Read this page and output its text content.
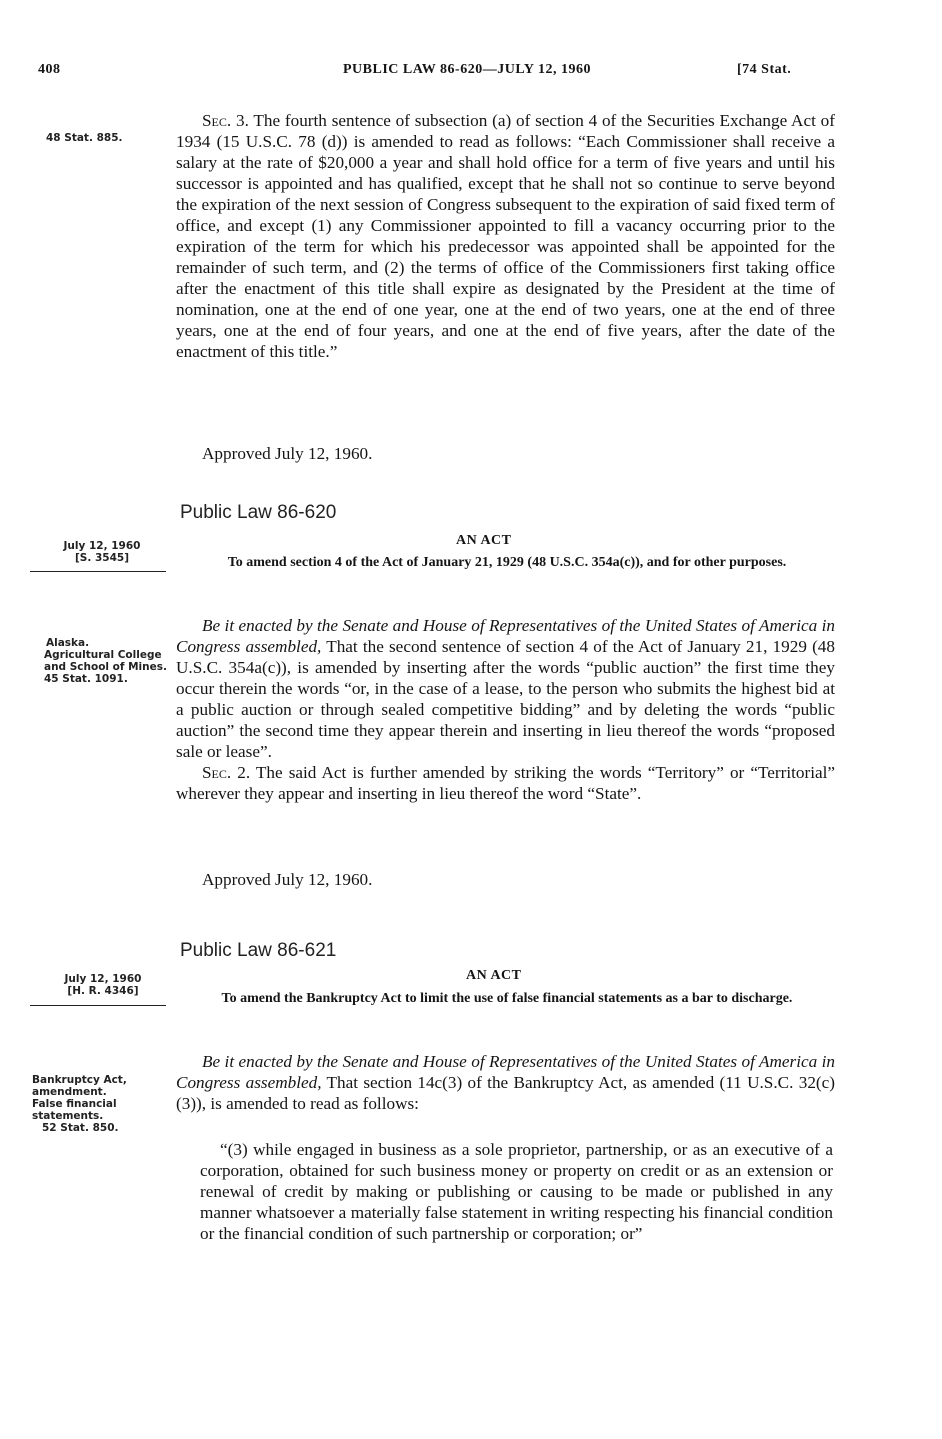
408	PUBLIC LAW 86-620—JULY 12, 1960	[74 Stat.
48 Stat. 885.

Sec. 3. The fourth sentence of subsection (a) of section 4 of the Securities Exchange Act of 1934 (15 U.S.C. 78 (d)) is amended to read as follows: “Each Commissioner shall receive a salary at the rate of $20,000 a year and shall hold office for a term of five years and until his successor is appointed and has qualified, except that he shall not so continue to serve beyond the expiration of the next session of Congress subsequent to the expiration of said fixed term of office, and except (1) any Commissioner appointed to fill a vacancy occurring prior to the expiration of the term for which his predecessor was appointed shall be appointed for the remainder of such term, and (2) the terms of office of the Commissioners first taking office after the enactment of this title shall expire as designated by the President at the time of nomination, one at the end of one year, one at the end of two years, one at the end of three years, one at the end of four years, and one at the end of five years, after the date of the enactment of this title.”

Approved July 12, 1960.
Public Law 86-620
July 12, 1960
[S. 3545]
AN ACT
To amend section 4 of the Act of January 21, 1929 (48 U.S.C. 354a(c)), and for other purposes.
Alaska.
Agricultural College and School of Mines.
45 Stat. 1091.

Be it enacted by the Senate and House of Representatives of the United States of America in Congress assembled, That the second sentence of section 4 of the Act of January 21, 1929 (48 U.S.C. 354a(c)), is amended by inserting after the words “public auction” the first time they occur therein the words “or, in the case of a lease, to the person who submits the highest bid at a public auction or through sealed competitive bidding” and by deleting the words “public auction” the second time they appear therein and inserting in lieu thereof the words “proposed sale or lease”.

Sec. 2. The said Act is further amended by striking the words “Territory” or “Territorial” wherever they appear and inserting in lieu thereof the word “State”.

Approved July 12, 1960.
Public Law 86-621
July 12, 1960
[H. R. 4346]
AN ACT
To amend the Bankruptcy Act to limit the use of false financial statements as a bar to discharge.
Bankruptcy Act, amendment.
False financial statements.
52 Stat. 850.

Be it enacted by the Senate and House of Representatives of the United States of America in Congress assembled, That section 14c(3) of the Bankruptcy Act, as amended (11 U.S.C. 32(c)(3)), is amended to read as follows:

“(3) while engaged in business as a sole proprietor, partnership, or as an executive of a corporation, obtained for such business money or property on credit or as an extension or renewal of credit by making or publishing or causing to be made or published in any manner whatsoever a materially false statement in writing respecting his financial condition or the financial condition of such partnership or corporation; or”
